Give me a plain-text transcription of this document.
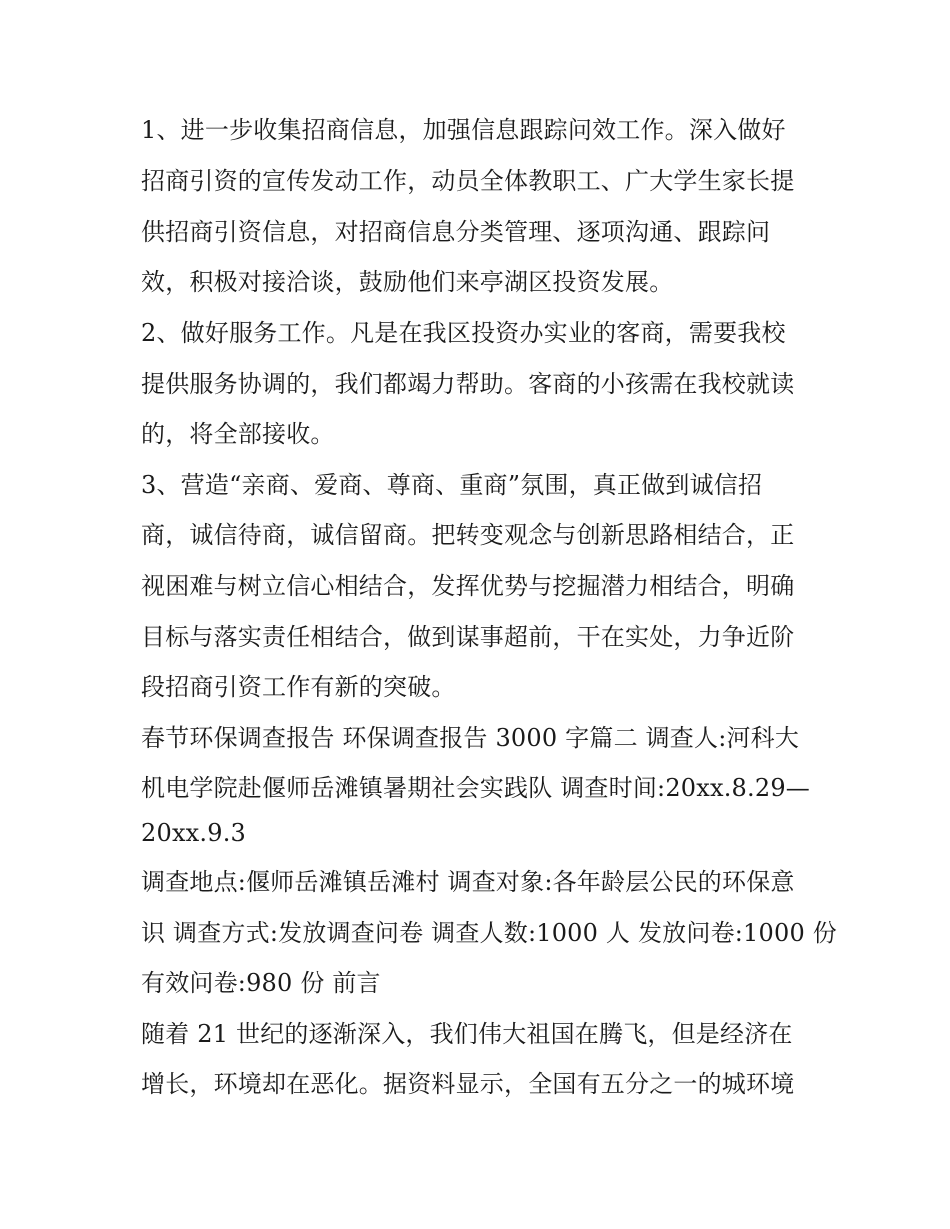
1、进一步收集招商信息，加强信息跟踪问效工作。深入做好
招商引资的宣传发动工作，动员全体教职工、广大学生家长提
供招商引资信息，对招商信息分类管理、逐项沟通、跟踪问
效，积极对接洽谈，鼓励他们来亭湖区投资发展。
2、做好服务工作。凡是在我区投资办实业的客商，需要我校
提供服务协调的，我们都竭力帮助。客商的小孩需在我校就读
的，将全部接收。
3、营造“亲商、爱商、尊商、重商”氛围，真正做到诚信招
商，诚信待商，诚信留商。把转变观念与创新思路相结合，正
视困难与树立信心相结合，发挥优势与挖掘潜力相结合，明确
目标与落实责任相结合，做到谋事超前，干在实处，力争近阶
段招商引资工作有新的突破。
春节环保调查报告 环保调查报告 3000 字篇二 调查人:河科大
机电学院赴偃师岳滩镇暑期社会实践队 调查时间:20xx.8.29—
20xx.9.3
调查地点:偃师岳滩镇岳滩村 调查对象:各年龄层公民的环保意
识 调查方式:发放调查问卷 调查人数:1000 人 发放问卷:1000 份
有效问卷:980 份 前言
随着 21 世纪的逐渐深入，我们伟大祖国在腾飞，但是经济在
增长，环境却在恶化。据资料显示，全国有五分之一的城环境
